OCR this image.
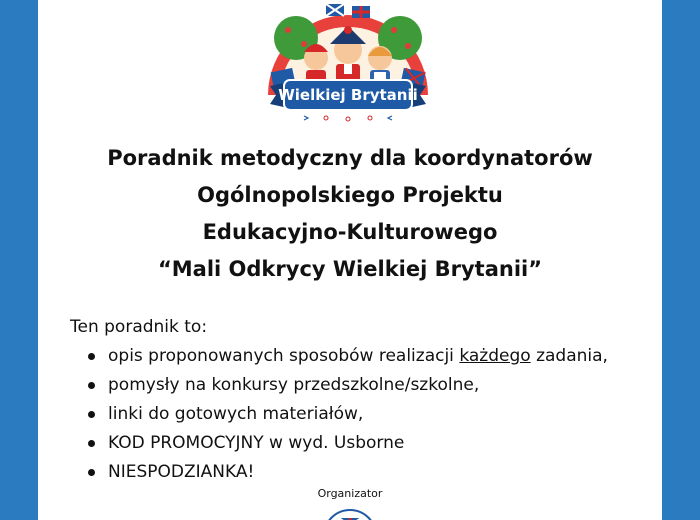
Wielkiej Brytanii
Poradnik metodyczny dla koordynatorów
Ogólnopolskiego Projektu
Edukacyjno-Kulturowego
“Mali Odkrycy Wielkiej Brytanii”
Ten poradnik to:
opis proponowanych sposobów realizacji każdego zadania,
pomysły na konkursy przedszkolne/szkolne,
linki do gotowych materiałów,
KOD PROMOCYJNY w wyd. Usborne
NIESPODZIANKA!
Organizator
